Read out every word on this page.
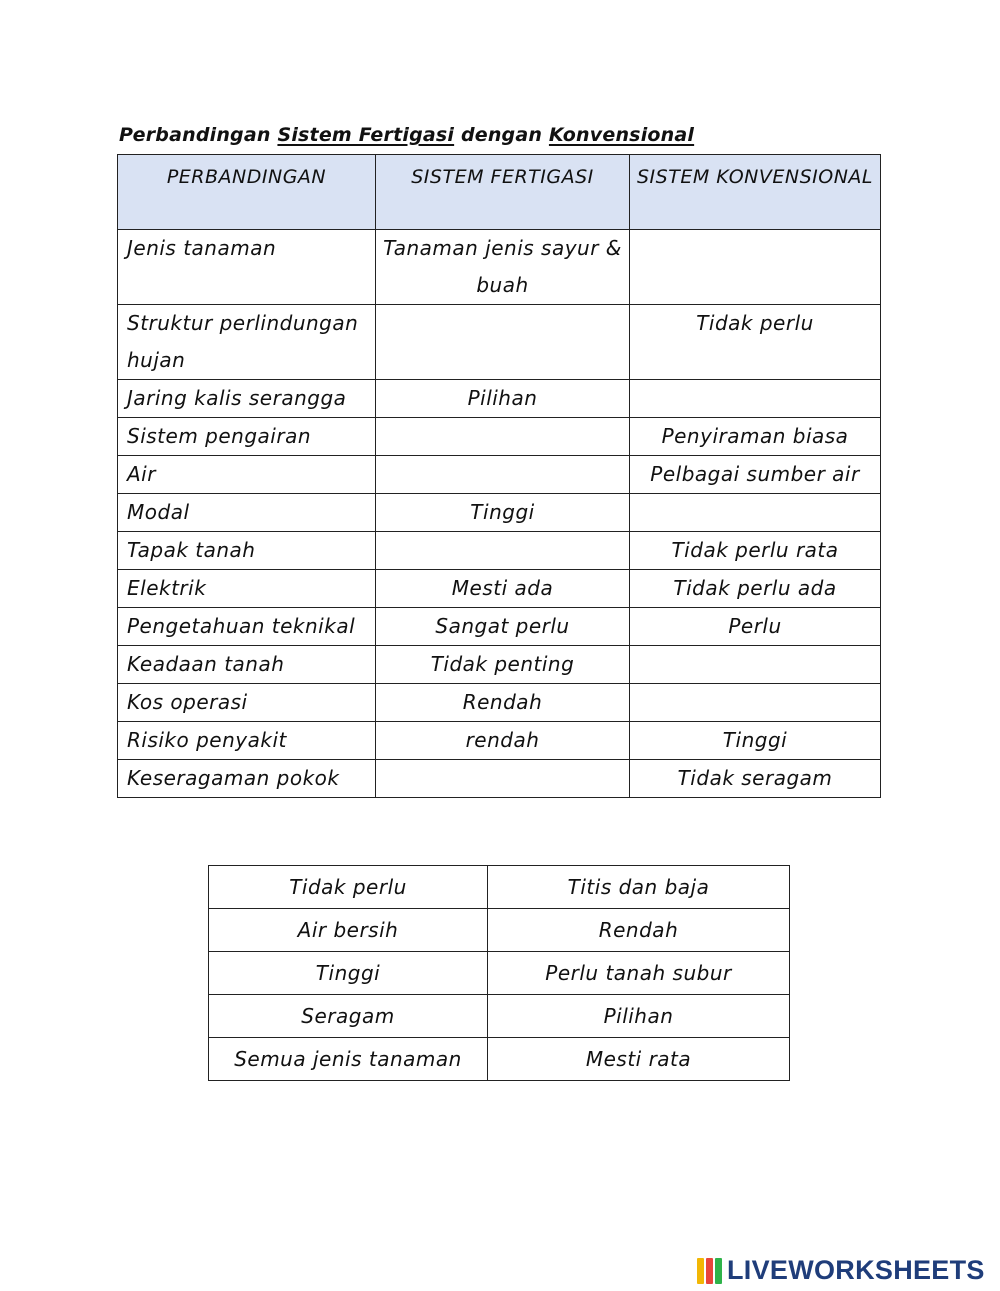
Perbandingan Sistem Fertigasi dengan Konvensional
PERBANDINGAN	SISTEM FERTIGASI	SISTEM KONVENSIONAL
Jenis tanaman	Tanaman jenis sayur & buah	
Struktur perlindungan hujan		Tidak perlu
Jaring kalis serangga	Pilihan	
Sistem pengairan		Penyiraman biasa
Air		Pelbagai sumber air
Modal	Tinggi	
Tapak tanah		Tidak perlu rata
Elektrik	Mesti ada	Tidak perlu ada
Pengetahuan teknikal	Sangat perlu	Perlu
Keadaan tanah	Tidak penting	
Kos operasi	Rendah	
Risiko penyakit	rendah	Tinggi
Keseragaman pokok		Tidak seragam
Tidak perlu	Titis dan baja
Air bersih	Rendah
Tinggi	Perlu tanah subur
Seragam	Pilihan
Semua jenis tanaman	Mesti rata
LIVEWORKSHEETS
